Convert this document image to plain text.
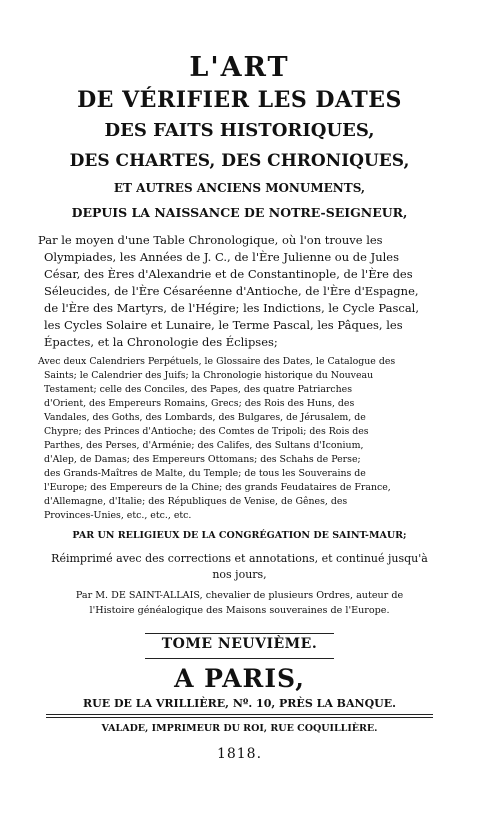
L'ART
DE VÉRIFIER LES DATES
DES FAITS HISTORIQUES,
DES CHARTES, DES CHRONIQUES,
ET AUTRES ANCIENS MONUMENTS,
DEPUIS LA NAISSANCE DE NOTRE-SEIGNEUR,
Par le moyen d'une Table Chronologique, où l'on trouve les
Olympiades, les Années de J. C., de l'Ère Julienne ou de Jules
César, des Ères d'Alexandrie et de Constantinople, de l'Ère des
Séleucides, de l'Ère Césaréenne d'Antioche, de l'Ère d'Espagne,
de l'Ère des Martyrs, de l'Hégire; les Indictions, le Cycle Pascal,
les Cycles Solaire et Lunaire, le Terme Pascal, les Pâques, les
Épactes, et la Chronologie des Éclipses;
Avec deux Calendriers Perpétuels, le Glossaire des Dates, le Catalogue des
Saints; le Calendrier des Juifs; la Chronologie historique du Nouveau
Testament; celle des Conciles, des Papes, des quatre Patriarches
d'Orient, des Empereurs Romains, Grecs; des Rois des Huns, des
Vandales, des Goths, des Lombards, des Bulgares, de Jérusalem, de
Chypre; des Princes d'Antioche; des Comtes de Tripoli; des Rois des
Parthes, des Perses, d'Arménie; des Califes, des Sultans d'Iconium,
d'Alep, de Damas; des Empereurs Ottomans; des Schahs de Perse;
des Grands-Maîtres de Malte, du Temple; de tous les Souverains de
l'Europe; des Empereurs de la Chine; des grands Feudataires de France,
d'Allemagne, d'Italie; des Républiques de Venise, de Gênes, des
Provinces-Unies, etc., etc., etc.
PAR UN RELIGIEUX DE LA CONGRÉGATION DE SAINT-MAUR;
Réimprimé avec des corrections et annotations, et continué jusqu'à
nos jours,
Par M. DE SAINT-ALLAIS, chevalier de plusieurs Ordres, auteur de
l'Histoire généalogique des Maisons souveraines de l'Europe.
TOME NEUVIÈME.
A PARIS,
RUE DE LA VRILLIÈRE, Nº. 10, PRÈS LA BANQUE.
VALADE, IMPRIMEUR DU ROI, RUE COQUILLIÈRE.
1818.
